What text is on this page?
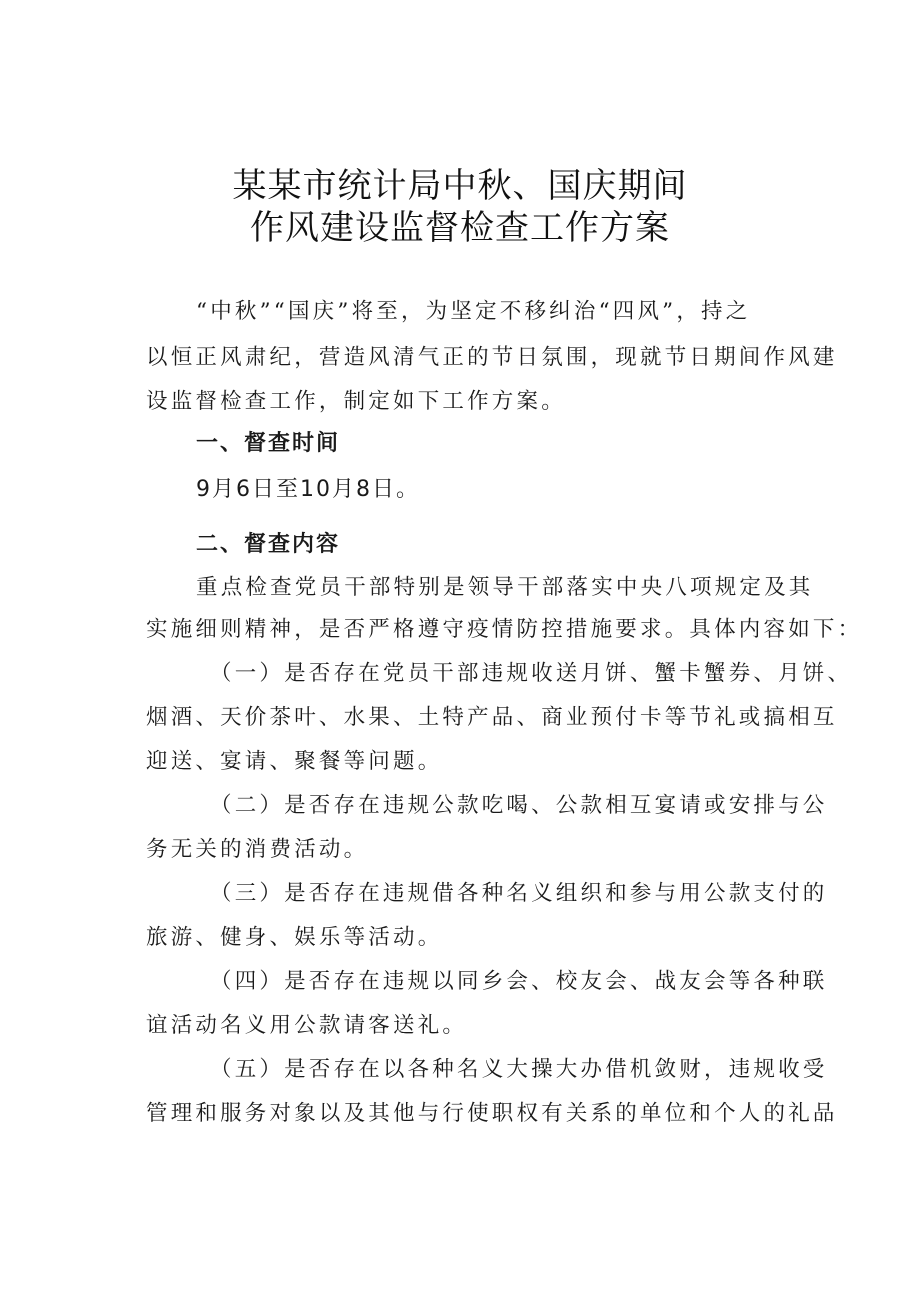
某某市统计局中秋、国庆期间
作风建设监督检查工作方案
“中秋”“国庆”将至，为坚定不移纠治“四风”，持之
以恒正风肃纪，营造风清气正的节日氛围，现就节日期间作风建
设监督检查工作，制定如下工作方案。
一、督查时间
9月6日至10月8日。
二、督查内容
重点检查党员干部特别是领导干部落实中央八项规定及其
实施细则精神，是否严格遵守疫情防控措施要求。具体内容如下：
（一）是否存在党员干部违规收送月饼、蟹卡蟹券、月饼、
烟酒、天价茶叶、水果、土特产品、商业预付卡等节礼或搞相互
迎送、宴请、聚餐等问题。
（二）是否存在违规公款吃喝、公款相互宴请或安排与公
务无关的消费活动。
（三）是否存在违规借各种名义组织和参与用公款支付的
旅游、健身、娱乐等活动。
（四）是否存在违规以同乡会、校友会、战友会等各种联
谊活动名义用公款请客送礼。
（五）是否存在以各种名义大操大办借机敛财，违规收受
管理和服务对象以及其他与行使职权有关系的单位和个人的礼品
